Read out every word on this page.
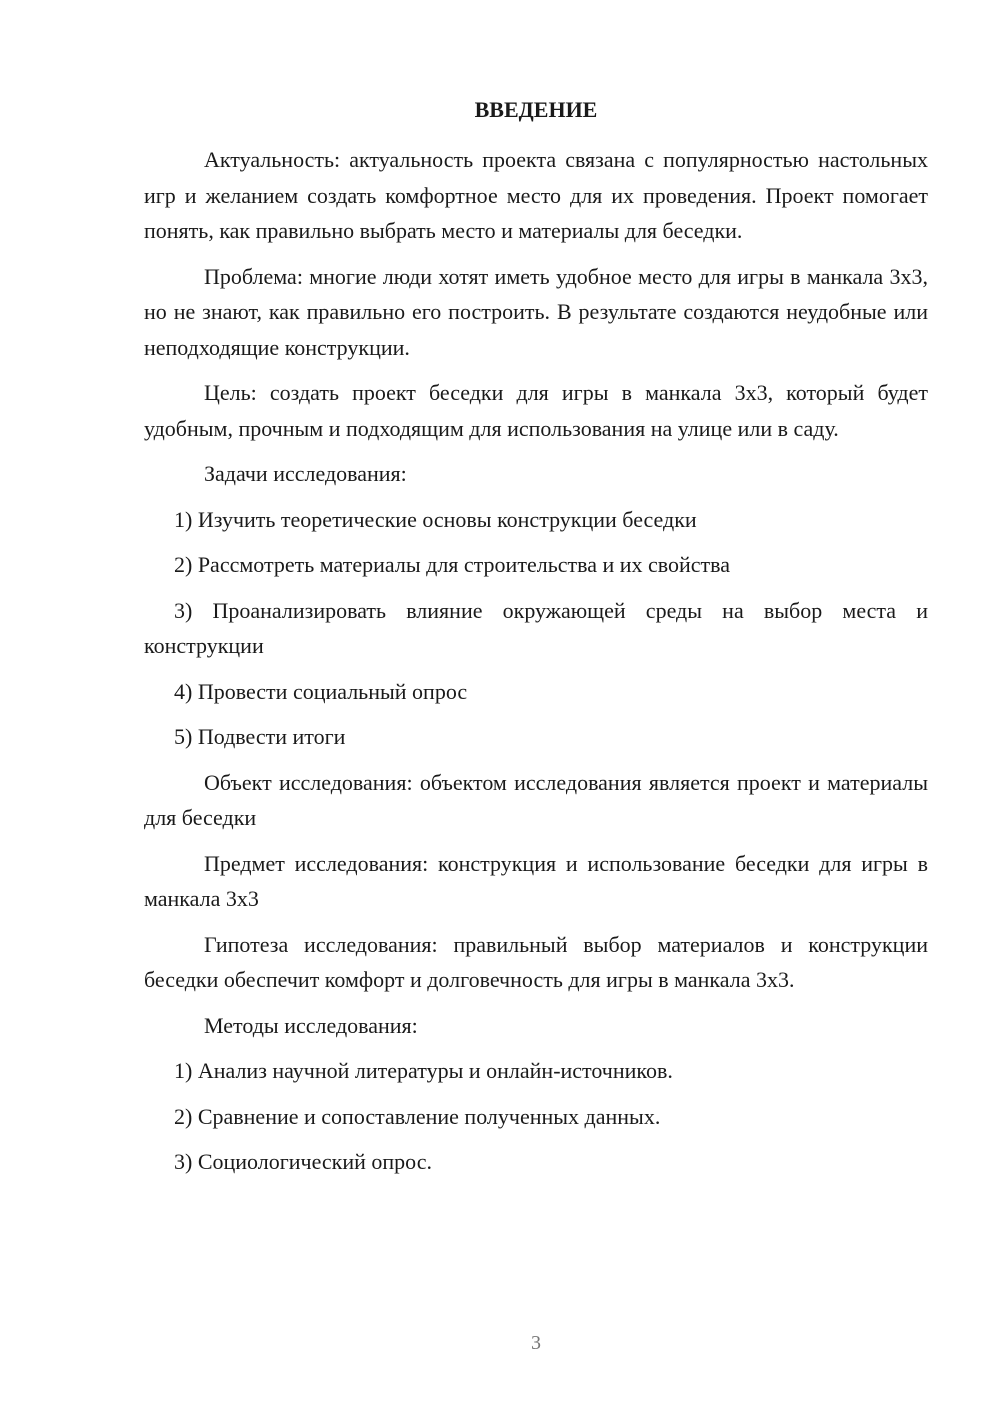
ВВЕДЕНИЕ

Актуальность: актуальность проекта связана с популярностью настольных игр и желанием создать комфортное место для их проведения. Проект помогает понять, как правильно выбрать место и материалы для беседки.

Проблема: многие люди хотят иметь удобное место для игры в манкала 3x3, но не знают, как правильно его построить. В результате создаются неудобные или неподходящие конструкции.

Цель: создать проект беседки для игры в манкала 3x3, который будет удобным, прочным и подходящим для использования на улице или в саду.

Задачи исследования:

1) Изучить теоретические основы конструкции беседки

2) Рассмотреть материалы для строительства и их свойства

3) Проанализировать влияние окружающей среды на выбор места и конструкции

4) Провести социальный опрос

5) Подвести итоги

Объект исследования: объектом исследования является проект и материалы для беседки

Предмет исследования: конструкция и использование беседки для игры в манкала 3x3

Гипотеза исследования: правильный выбор материалов и конструкции беседки обеспечит комфорт и долговечность для игры в манкала 3x3.

Методы исследования:

1) Анализ научной литературы и онлайн-источников.

2) Сравнение и сопоставление полученных данных.

3) Социологический опрос.

3
